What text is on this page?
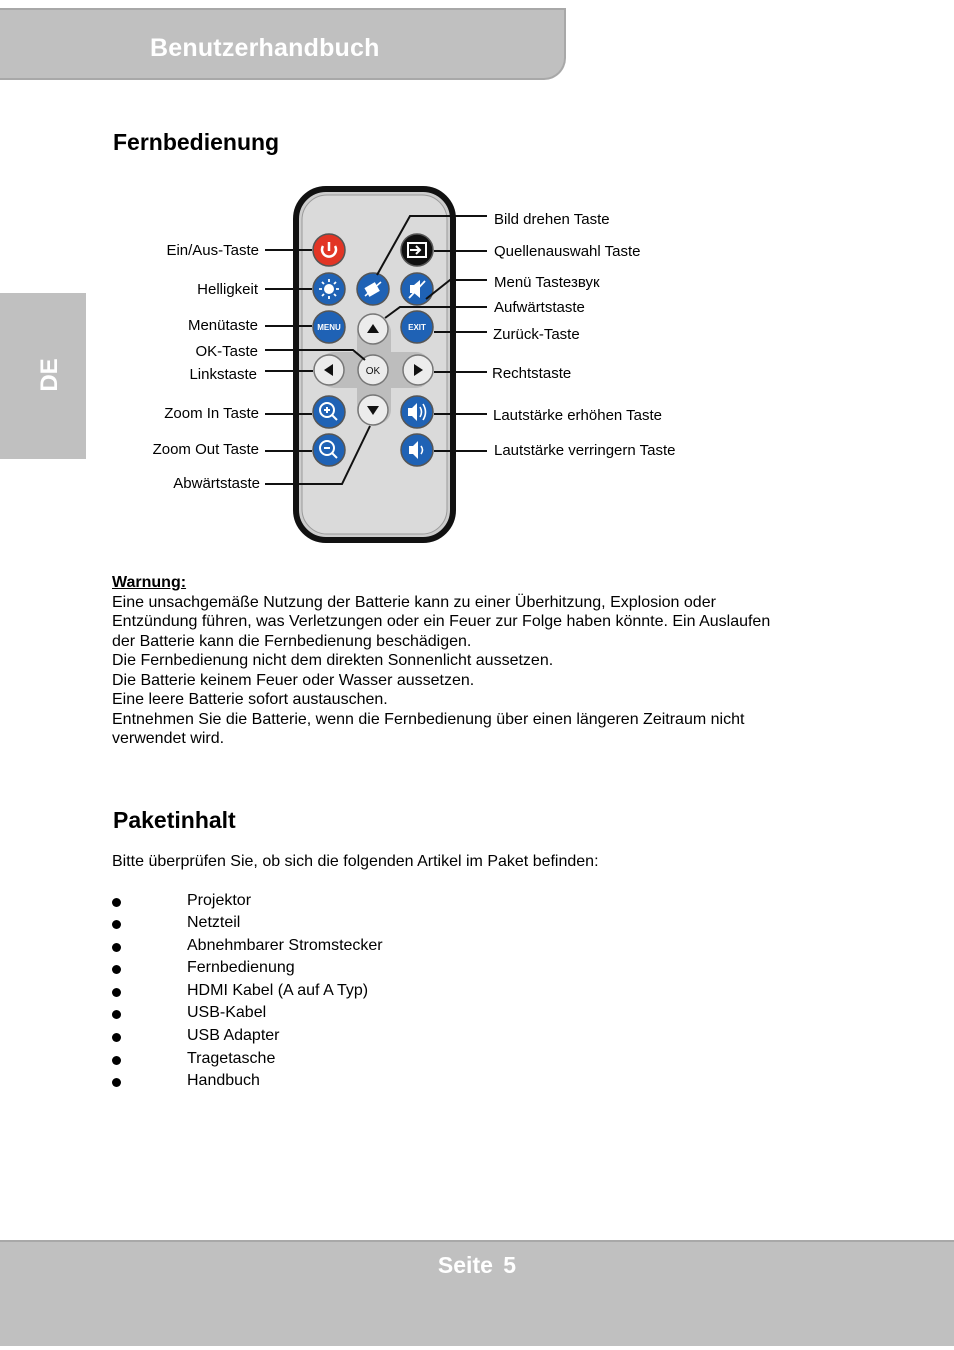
Benutzerhandbuch
DE
Fernbedienung
MENU	EXIT
OK
Ein/Aus-Taste
Helligkeit
Menütaste
OK-Taste
Linkstaste
Zoom In Taste
Zoom Out Taste
Abwärtstaste
Bild drehen Taste
Quellenauswahl Taste
Menü Tastезвук
Aufwärtstaste
Zurück-Taste
Rechtstaste
Lautstärke erhöhen Taste
Lautstärke verringern Taste
Warnung:
Eine unsachgemäße Nutzung der Batterie kann zu einer Überhitzung, Explosion oder
Entzündung führen, was Verletzungen oder ein Feuer zur Folge haben könnte. Ein Auslaufen
der Batterie kann die Fernbedienung beschädigen.
Die Fernbedienung nicht dem direkten Sonnenlicht aussetzen.
Die Batterie keinem Feuer oder Wasser aussetzen.
Eine leere Batterie sofort austauschen.
Entnehmen Sie die Batterie, wenn die Fernbedienung über einen längeren Zeitraum nicht
verwendet wird.
Paketinhalt
Bitte überprüfen Sie, ob sich die folgenden Artikel im Paket befinden:
Projektor
Netzteil
Abnehmbarer Stromstecker
Fernbedienung
HDMI Kabel (A auf A Typ)
USB-Kabel
USB Adapter
Tragetasche
Handbuch
Seite 5
